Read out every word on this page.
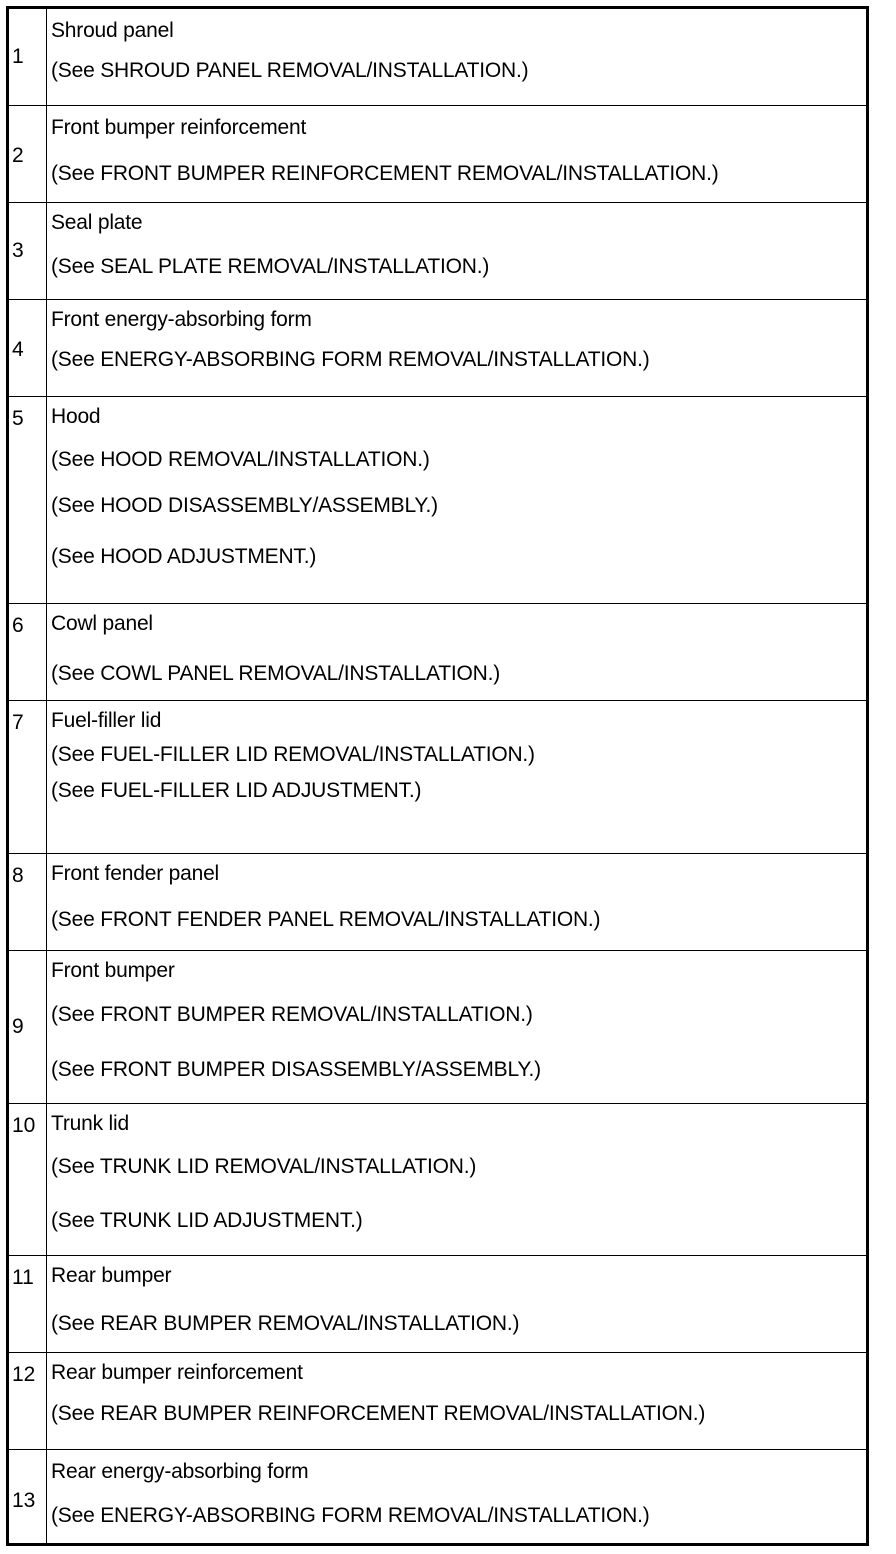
1
Shroud panel
(See SHROUD PANEL REMOVAL/INSTALLATION.)
2
Front bumper reinforcement
(See FRONT BUMPER REINFORCEMENT REMOVAL/INSTALLATION.)
3
Seal plate
(See SEAL PLATE REMOVAL/INSTALLATION.)
4
Front energy-absorbing form
(See ENERGY-ABSORBING FORM REMOVAL/INSTALLATION.)
5 Hood
(See HOOD REMOVAL/INSTALLATION.)
(See HOOD DISASSEMBLY/ASSEMBLY.)
(See HOOD ADJUSTMENT.)
6 Cowl panel
(See COWL PANEL REMOVAL/INSTALLATION.)
7 Fuel-filler lid
(See FUEL-FILLER LID REMOVAL/INSTALLATION.)
(See FUEL-FILLER LID ADJUSTMENT.)
8 Front fender panel
(See FRONT FENDER PANEL REMOVAL/INSTALLATION.)
9
Front bumper
(See FRONT BUMPER REMOVAL/INSTALLATION.)
(See FRONT BUMPER DISASSEMBLY/ASSEMBLY.)
10 Trunk lid
(See TRUNK LID REMOVAL/INSTALLATION.)
(See TRUNK LID ADJUSTMENT.)
11 Rear bumper
(See REAR BUMPER REMOVAL/INSTALLATION.)
12 Rear bumper reinforcement
(See REAR BUMPER REINFORCEMENT REMOVAL/INSTALLATION.)
13
Rear energy-absorbing form
(See ENERGY-ABSORBING FORM REMOVAL/INSTALLATION.)
